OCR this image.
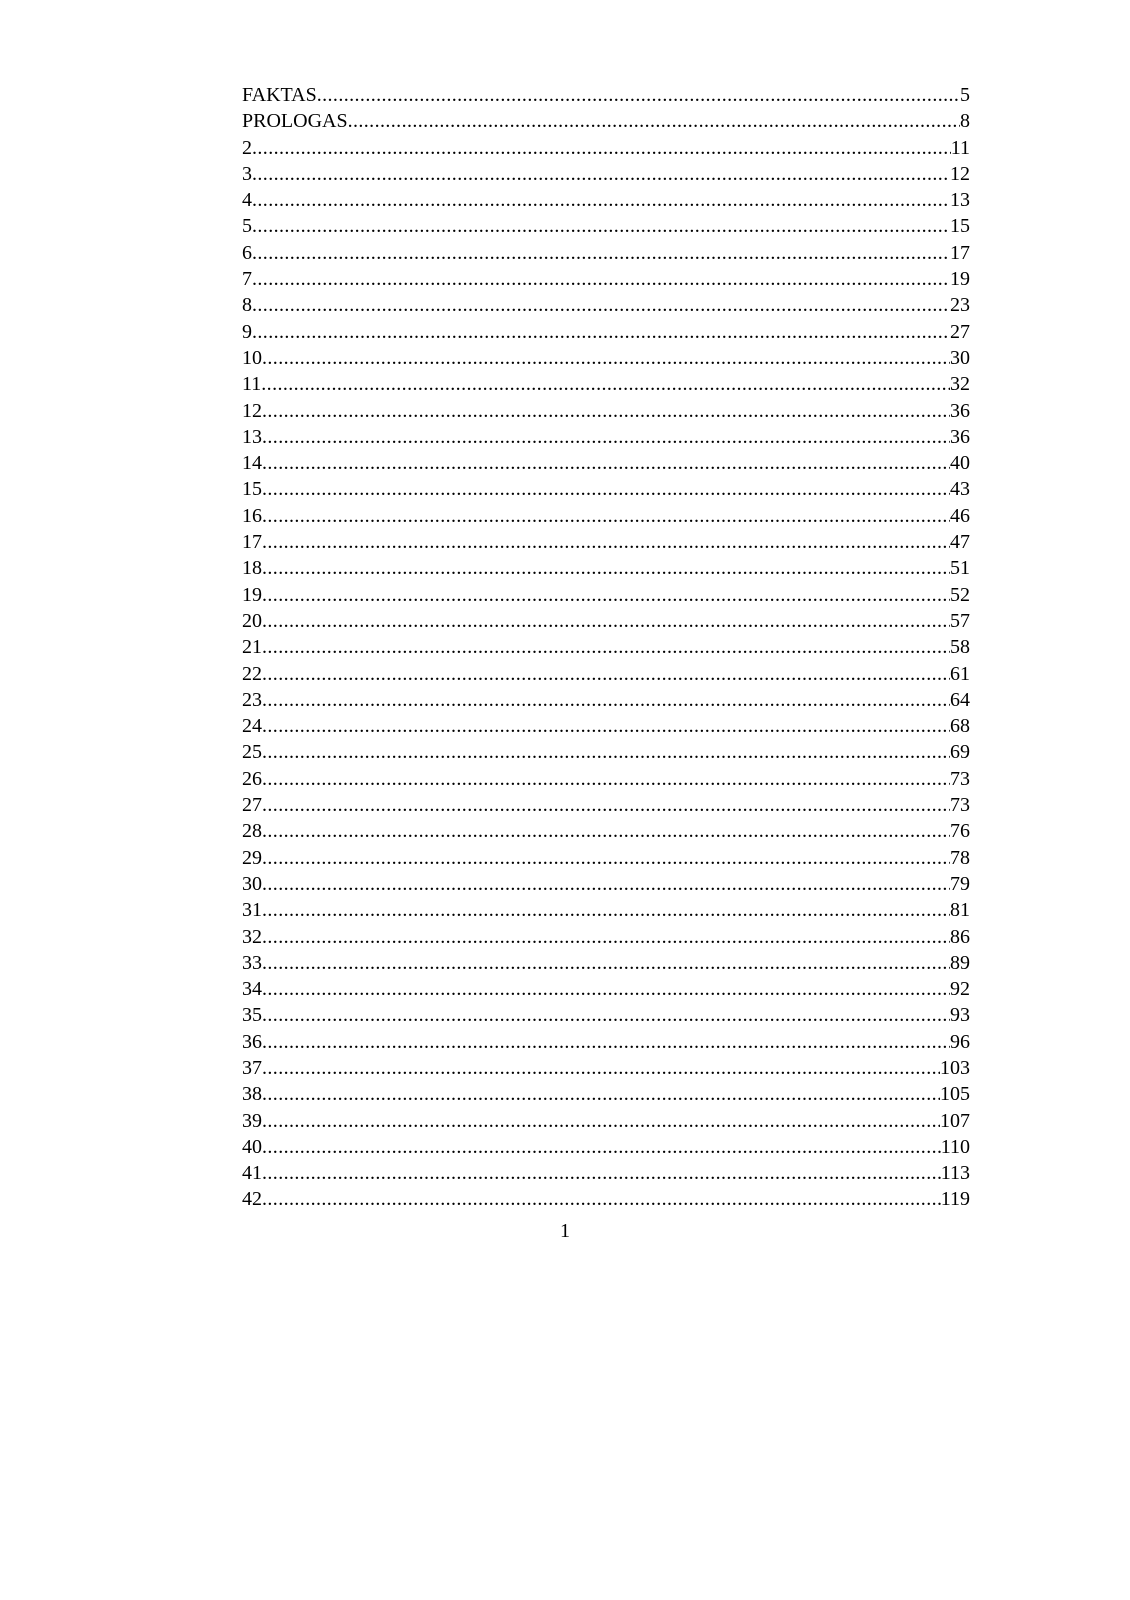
FAKTAS .....	5
PROLOGAS .....	8
2 .....	11
3 .....	12
4 .....	13
5 .....	15
6 .....	17
7 .....	19
8 .....	23
9 .....	27
10 .....	30
11 .....	32
12 .....	36
13 .....	36
14 .....	40
15 .....	43
16 .....	46
17 .....	47
18 .....	51
19 .....	52
20 .....	57
21 .....	58
22 .....	61
23 .....	64
24 .....	68
25 .....	69
26 .....	73
27 .....	73
28 .....	76
29 .....	78
30 .....	79
31 .....	81
32 .....	86
33 .....	89
34 .....	92
35 .....	93
36 .....	96
37 .....	103
38 .....	105
39 .....	107
40 .....	110
41 .....	113
42 .....	119
1
